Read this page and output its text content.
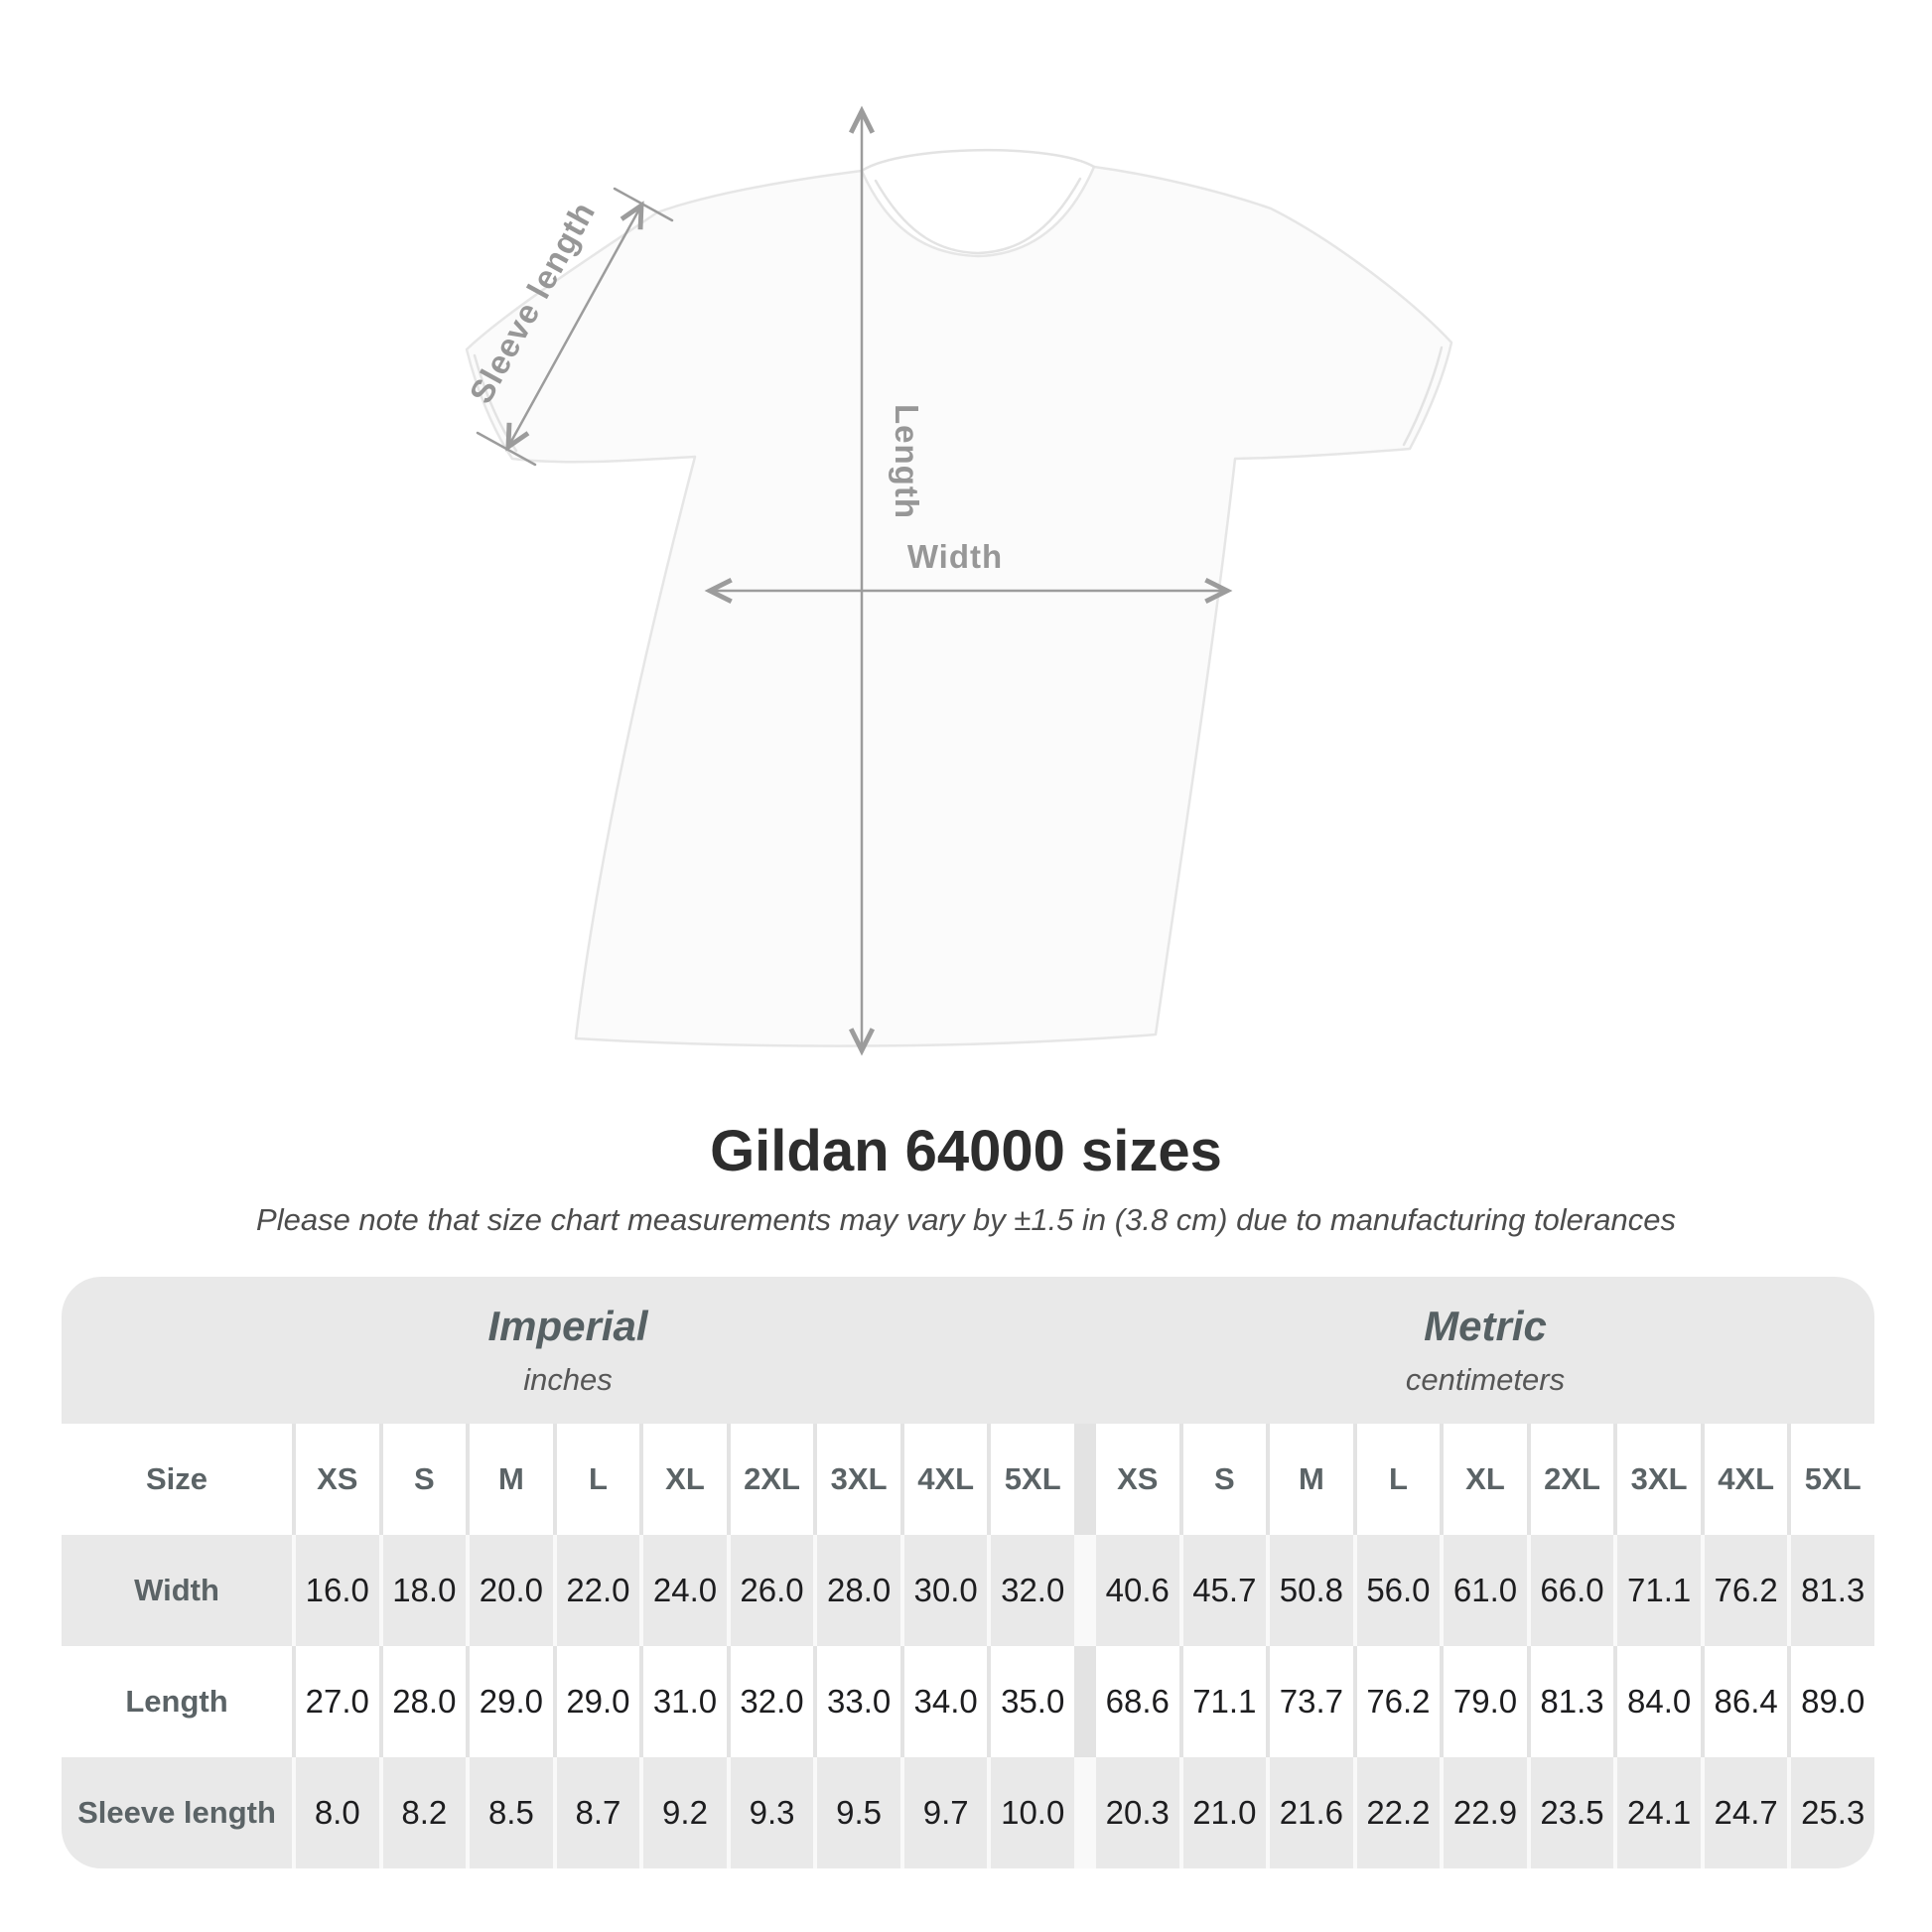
Sleeve length
Length
Width
Gildan 64000 sizes

Please note that size chart measurements may vary by ±1.5 in (3.8 cm) due to manufacturing tolerances

Imperial
inches
Metric
centimeters
Size	XS	S	M	L	XL	2XL 3XL 4XL 5XL	XS	S	M	L	XL	2XL 3XL 4XL 5XL
Width	16.0 18.0 20.0 22.0 24.0 26.0 28.0 30.0 32.0 40.6 45.7 50.8 56.0 61.0 66.0 71.1 76.2 81.3
Length	27.0 28.0 29.0 29.0 31.0 32.0 33.0 34.0 35.0 68.6 71.1 73.7 76.2 79.0 81.3 84.0 86.4 89.0
Sleeve length	8.0	8.2	8.5	8.7	9.2	9.3	9.5	9.7 10.0 20.3 21.0 21.6 22.2 22.9 23.5 24.1 24.7 25.3
